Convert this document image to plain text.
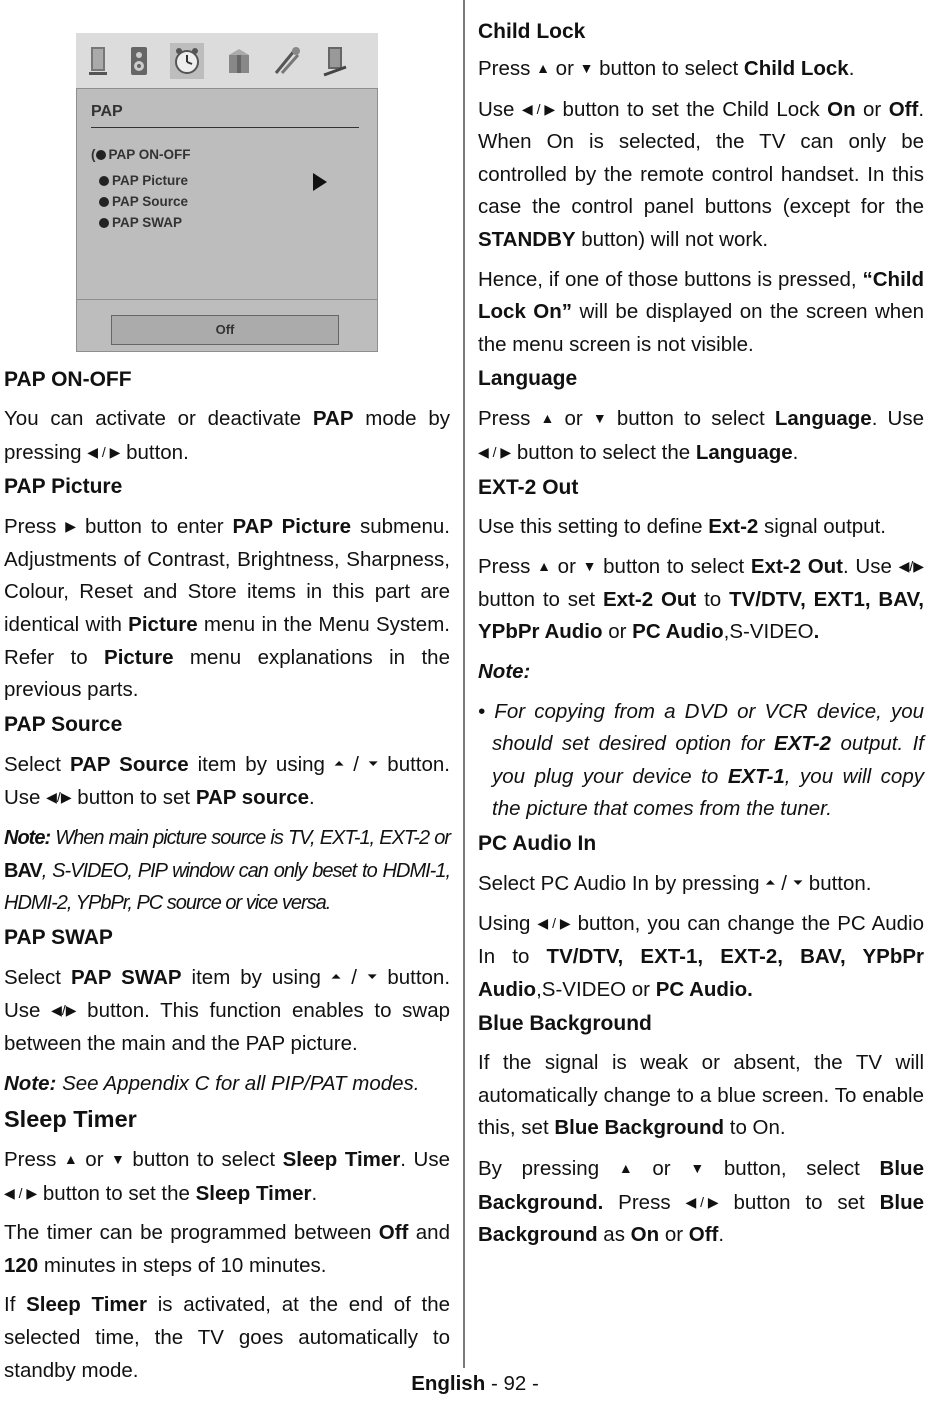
PAP
( PAP ON-OFF
PAP Picture
PAP Source
PAP SWAP
Off
PAP ON-OFF

You can activate or deactivate PAP mode by pressing ◀ / ▶ button.

PAP Picture

Press ▶ button to enter PAP Picture submenu. Adjustments of Contrast, Brightness, Sharpness, Colour, Reset and Store items in this part are identical with Picture menu in the Menu System. Refer to Picture menu explanations in the previous parts.

PAP Source

Select PAP Source item by using ⏶ / ⏷ button. Use ◀/▶ button to set PAP source.

Note: When main picture source is TV, EXT-1, EXT-2 or BAV, S-VIDEO, PIP window can only beset to HDMI-1, HDMI-2, YPbPr, PC source or vice versa.

PAP SWAP

Select PAP SWAP item by using ⏶ / ⏷ button. Use ◀/▶ button. This function enables to swap between the main and the PAP picture.

Note: See Appendix C for all PIP/PAT modes.

Sleep Timer

Press ▲ or ▼ button to select Sleep Timer. Use ◀ / ▶ button to set the Sleep Timer.

The timer can be programmed between Off and 120 minutes in steps of 10 minutes.

If Sleep Timer is activated, at the end of the selected time, the TV goes automatically to standby mode.

Child Lock

Press ▲ or ▼ button to select Child Lock.

Use ◀ / ▶ button to set the Child Lock On or Off. When On is selected, the TV can only be controlled by the remote control handset. In this case the control panel buttons (except for the STANDBY button) will not work.

Hence, if one of those buttons is pressed, “Child Lock On” will be displayed on the screen when the menu screen is not visible.

Language

Press ▲ or ▼ button to select Language. Use ◀ / ▶ button to select the Language.

EXT-2 Out

Use this setting to define Ext-2 signal output.

Press ▲ or ▼ button to select Ext-2 Out. Use ◀/▶ button to set Ext-2 Out to TV/DTV, EXT1, BAV, YPbPr Audio or PC Audio,S-VIDEO.

Note:

• For copying from a DVD or VCR device, you should set desired option for EXT-2 output. If you plug your device to EXT-1, you will copy the picture that comes from the tuner.

PC Audio In

Select PC Audio In by pressing ⏶ / ⏷ button.

Using ◀ / ▶ button, you can change the PC Audio In to TV/DTV, EXT-1, EXT-2, BAV, YPbPr Audio,S-VIDEO or PC Audio.

Blue Background

If the signal is weak or absent, the TV will automatically change to a blue screen. To enable this, set Blue Background to On.

By pressing ▲ or ▼ button, select Blue Background. Press ◀ / ▶ button to set Blue Background as On or Off.

English - 92 -
